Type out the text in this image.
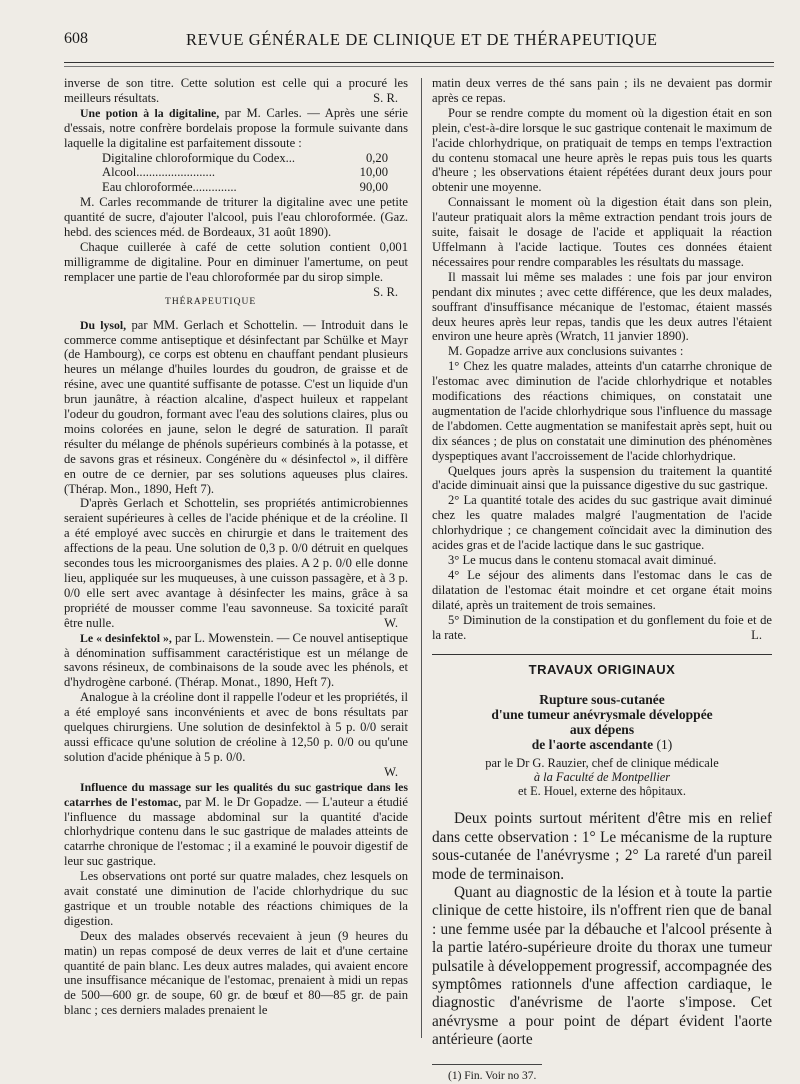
608	REVUE GÉNÉRALE DE CLINIQUE ET DE THÉRAPEUTIQUE

inverse de son titre. Cette solution est celle qui a procuré les meilleurs résultats.	S. R.

Une potion à la digitaline, par M. Carles. — Après une série d'essais, notre confrère bordelais propose la formule suivante dans laquelle la digitaline est parfaitement dissoute :

Digitaline chloroformique du Codex...	0,20
Alcool.........................	10,00
Eau chloroformée..............	90,00

M. Carles recommande de triturer la digitaline avec une petite quantité de sucre, d'ajouter l'alcool, puis l'eau chloroformée. (Gaz. hebd. des sciences méd. de Bordeaux, 31 août 1890).

Chaque cuillerée à café de cette solution contient 0,001 milligramme de digitaline. Pour en diminuer l'amertume, on peut remplacer une partie de l'eau chloroformée par du sirop simple.
S. R.

THÉRAPEUTIQUE

Du lysol, par MM. Gerlach et Schottelin. — Introduit dans le commerce comme antiseptique et désinfectant par Schülke et Mayr (de Hambourg), ce corps est obtenu en chauffant pendant plusieurs heures un mélange d'huiles lourdes du goudron, de graisse et de résine, avec une quantité suffisante de potasse. C'est un liquide d'un brun jaunâtre, à réaction alcaline, d'aspect huileux et rappelant l'odeur du goudron, formant avec l'eau des solutions claires, plus ou moins colorées en jaune, selon le degré de saturation. Il paraît résulter du mélange de phénols supérieurs combinés à la potasse, et de savons gras et résineux. Congénère du « désinfectol », il diffère en outre de ce dernier, par ses solutions aqueuses plus claires. (Thérap. Mon., 1890, Heft 7).

D'après Gerlach et Schottelin, ses propriétés antimicrobiennes seraient supérieures à celles de l'acide phénique et de la créoline. Il a été employé avec succès en chirurgie et dans le traitement des affections de la peau. Une solution de 0,3 p. 0/0 détruit en quelques secondes tous les microorganismes des plaies. A 2 p. 0/0 elle donne lieu, appliquée sur les muqueuses, à une cuisson passagère, et à 3 p. 0/0 elle sert avec avantage à désinfecter les mains, grâce à sa propriété de mousser comme l'eau savonneuse. Sa toxicité paraît être nulle.	W.

Le « desinfektol », par L. Mowenstein. — Ce nouvel antiseptique à dénomination suffisamment caractéristique est un mélange de savons résineux, de combinaisons de la soude avec les phénols, et d'hydrogène carboné. (Thérap. Monat., 1890, Heft 7).

Analogue à la créoline dont il rappelle l'odeur et les propriétés, il a été employé sans inconvénients et avec de bons résultats par quelques chirurgiens. Une solution de desinfektol à 5 p. 0/0 serait aussi efficace qu'une solution de créoline à 12,50 p. 0/0 ou qu'une solution d'acide phénique à 5 p. 0/0.

W.

Influence du massage sur les qualités du suc gastrique dans les catarrhes de l'estomac, par M. le Dr Gopadze. — L'auteur a étudié l'influence du massage abdominal sur la quantité d'acide chlorhydrique contenu dans le suc gastrique de malades atteints de catarrhe chronique de l'estomac ; il a examiné le pouvoir digestif de leur suc gastrique.

Les observations ont porté sur quatre malades, chez lesquels on avait constaté une diminution de l'acide chlorhydrique du suc gastrique et un trouble notable des réactions chimiques de la digestion.

Deux des malades observés recevaient à jeun (9 heures du matin) un repas composé de deux verres de lait et d'une certaine quantité de pain blanc. Les deux autres malades, qui avaient encore une insuffisance mécanique de l'estomac, prenaient à midi un repas de 500—600 gr. de soupe, 60 gr. de bœuf et 80—85 gr. de pain blanc ; ces derniers malades prenaient le

matin deux verres de thé sans pain ; ils ne devaient pas dormir après ce repas.

Pour se rendre compte du moment où la digestion était en son plein, c'est-à-dire lorsque le suc gastrique contenait le maximum de l'acide chlorhydrique, on pratiquait de temps en temps l'extraction du contenu stomacal une heure après le repas puis tous les quarts d'heure ; les observations étaient répétées durant deux jours pour obtenir une moyenne.

Connaissant le moment où la digestion était dans son plein, l'auteur pratiquait alors la même extraction pendant trois jours de suite, faisait le dosage de l'acide et appliquait la réaction Uffelmann à l'acide lactique. Toutes ces données étaient nécessaires pour rendre comparables les résultats du massage.

Il massait lui même ses malades : une fois par jour environ pendant dix minutes ; avec cette différence, que les deux malades, souffrant d'insuffisance mécanique de l'estomac, étaient massés deux heures après leur repas, tandis que les deux autres l'étaient environ une heure après (Wratch, 11 janvier 1890).

M. Gopadze arrive aux conclusions suivantes :

1° Chez les quatre malades, atteints d'un catarrhe chronique de l'estomac avec diminution de l'acide chlorhydrique et notables modifications des réactions chimiques, on constatait une augmentation de l'acide chlorhydrique sous l'influence du massage de l'abdomen. Cette augmentation se manifestait après sept, huit ou dix séances ; de plus on constatait une diminution des phénomènes dyspeptiques avant l'accroissement de l'acide chlorhydrique.

Quelques jours après la suspension du traitement la quantité d'acide diminuait ainsi que la puissance digestive du suc gastrique.

2° La quantité totale des acides du suc gastrique avait diminué chez les quatre malades malgré l'augmentation de l'acide chlorhydrique ; ce changement coïncidait avec la diminution des acides gras et de l'acide lactique dans le suc gastrique.

3° Le mucus dans le contenu stomacal avait diminué.

4° Le séjour des aliments dans l'estomac dans le cas de dilatation de l'estomac était moindre et cet organe était moins dilaté, après un traitement de trois semaines.

5° Diminution de la constipation et du gonflement du foie et de la rate.	L.

TRAVAUX ORIGINAUX
Rupture sous-cutanée
d'une tumeur anévrysmale développée
aux dépens
de l'aorte ascendante (1)
par le Dr G. Rauzier, chef de clinique médicale
à la Faculté de Montpellier
et E. Houel, externe des hôpitaux.

Deux points surtout méritent d'être mis en relief dans cette observation : 1° Le mécanisme de la rupture sous-cutanée de l'anévrysme ; 2° La rareté d'un pareil mode de terminaison.

Quant au diagnostic de la lésion et à toute la partie clinique de cette histoire, ils n'offrent rien que de banal : une femme usée par la débauche et l'alcool présente à la partie latéro-supérieure droite du thorax une tumeur pulsatile à développement progressif, accompagnée des symptômes rationnels d'une affection cardiaque, le diagnostic d'anévrisme de l'aorte s'impose. Cet anévrysme a pour point de départ évident l'aorte antérieure (aorte

(1) Fin. Voir no 37.
